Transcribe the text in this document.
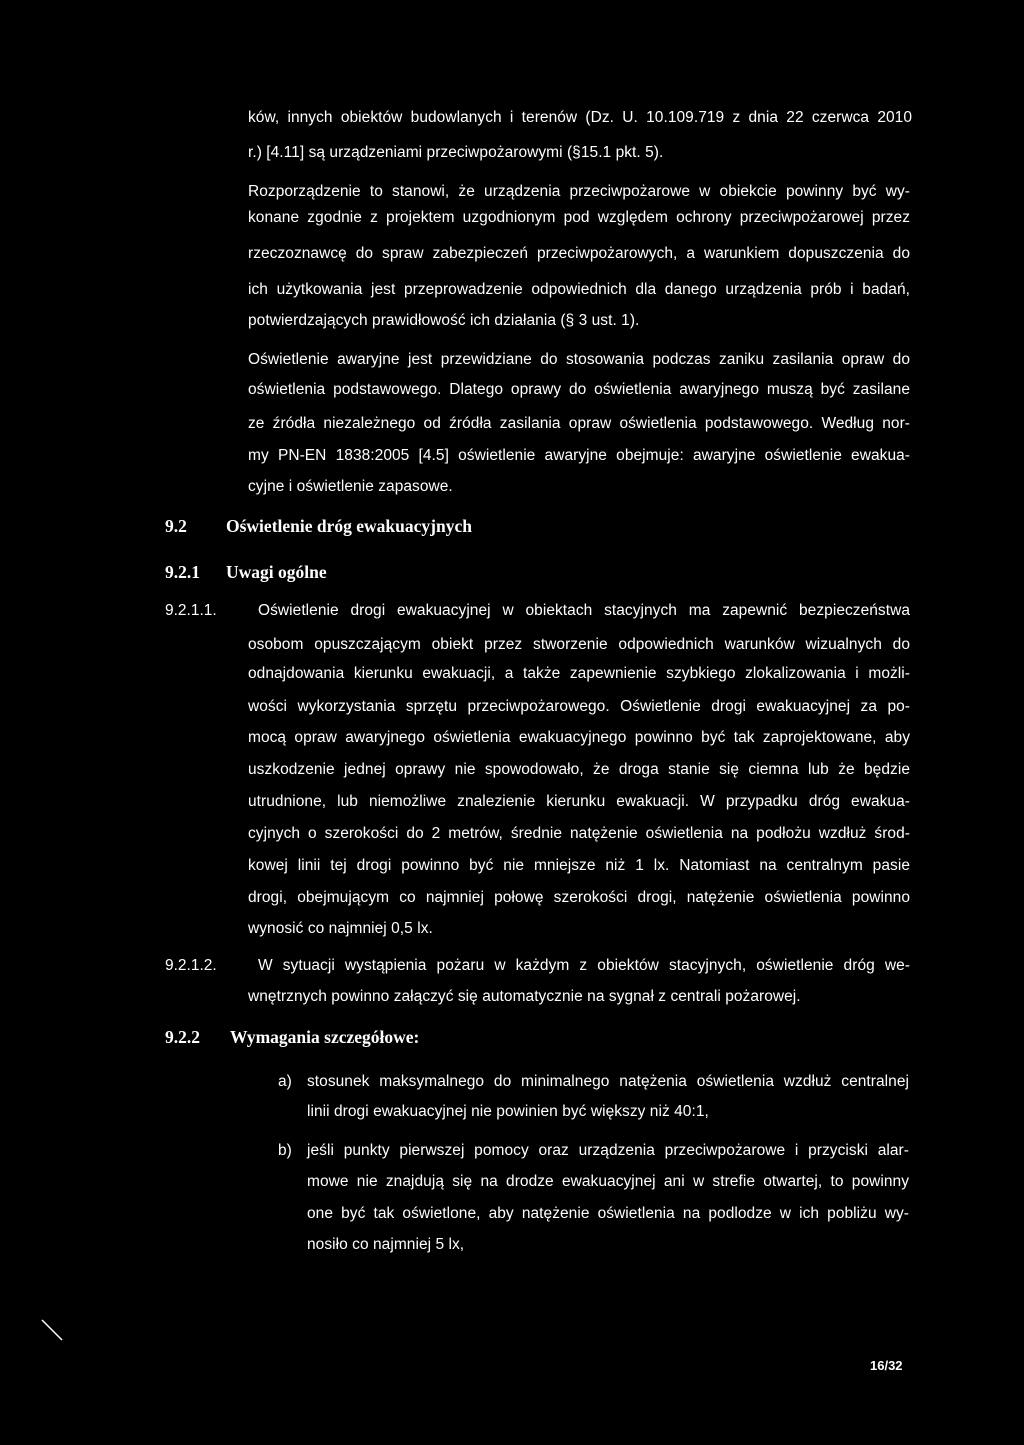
ków, innych obiektów budowlanych i terenów (Dz. U. 10.109.719 z dnia 22 czerwca 2010
r.) [4.11] są urządzeniami przeciwpożarowymi (§15.1 pkt. 5).
Rozporządzenie to stanowi, że urządzenia przeciwpożarowe w obiekcie powinny być wy-
konane zgodnie z projektem uzgodnionym pod względem ochrony przeciwpożarowej przez
rzeczoznawcę do spraw zabezpieczeń przeciwpożarowych, a warunkiem dopuszczenia do
ich użytkowania jest przeprowadzenie odpowiednich dla danego urządzenia prób i badań,
potwierdzających prawidłowość ich działania (§ 3 ust. 1).
Oświetlenie awaryjne jest przewidziane do stosowania podczas zaniku zasilania opraw do
oświetlenia podstawowego. Dlatego oprawy do oświetlenia awaryjnego muszą być zasilane
ze źródła niezależnego od źródła zasilania opraw oświetlenia podstawowego. Według nor-
my PN-EN 1838:2005 [4.5] oświetlenie awaryjne obejmuje: awaryjne oświetlenie ewakua-
cyjne i oświetlenie zapasowe.
9.2 Oświetlenie dróg ewakuacyjnych
9.2.1 Uwagi ogólne
9.2.1.1.	Oświetlenie drogi ewakuacyjnej w obiektach stacyjnych ma zapewnić bezpieczeństwa
osobom opuszczającym obiekt przez stworzenie odpowiednich warunków wizualnych do
odnajdowania kierunku ewakuacji, a także zapewnienie szybkiego zlokalizowania i możli-
wości wykorzystania sprzętu przeciwpożarowego. Oświetlenie drogi ewakuacyjnej za po-
mocą opraw awaryjnego oświetlenia ewakuacyjnego powinno być tak zaprojektowane, aby
uszkodzenie jednej oprawy nie spowodowało, że droga stanie się ciemna lub że będzie
utrudnione, lub niemożliwe znalezienie kierunku ewakuacji. W przypadku dróg ewakua-
cyjnych o szerokości do 2 metrów, średnie natężenie oświetlenia na podłożu wzdłuż środ-
kowej linii tej drogi powinno być nie mniejsze niż 1 lx. Natomiast na centralnym pasie
drogi, obejmującym co najmniej połowę szerokości drogi, natężenie oświetlenia powinno
wynosić co najmniej 0,5 lx.
9.2.1.2.	W sytuacji wystąpienia pożaru w każdym z obiektów stacyjnych, oświetlenie dróg we-
wnętrznych powinno załączyć się automatycznie na sygnał z centrali pożarowej.
9.2.2 Wymagania szczegółowe:
a) stosunek maksymalnego do minimalnego natężenia oświetlenia wzdłuż centralnej
linii drogi ewakuacyjnej nie powinien być większy niż 40:1,
b) jeśli punkty pierwszej pomocy oraz urządzenia przeciwpożarowe i przyciski alar-
mowe nie znajdują się na drodze ewakuacyjnej ani w strefie otwartej, to powinny
one być tak oświetlone, aby natężenie oświetlenia na podlodze w ich pobliżu wy-
nosiło co najmniej 5 lx,
16/32
